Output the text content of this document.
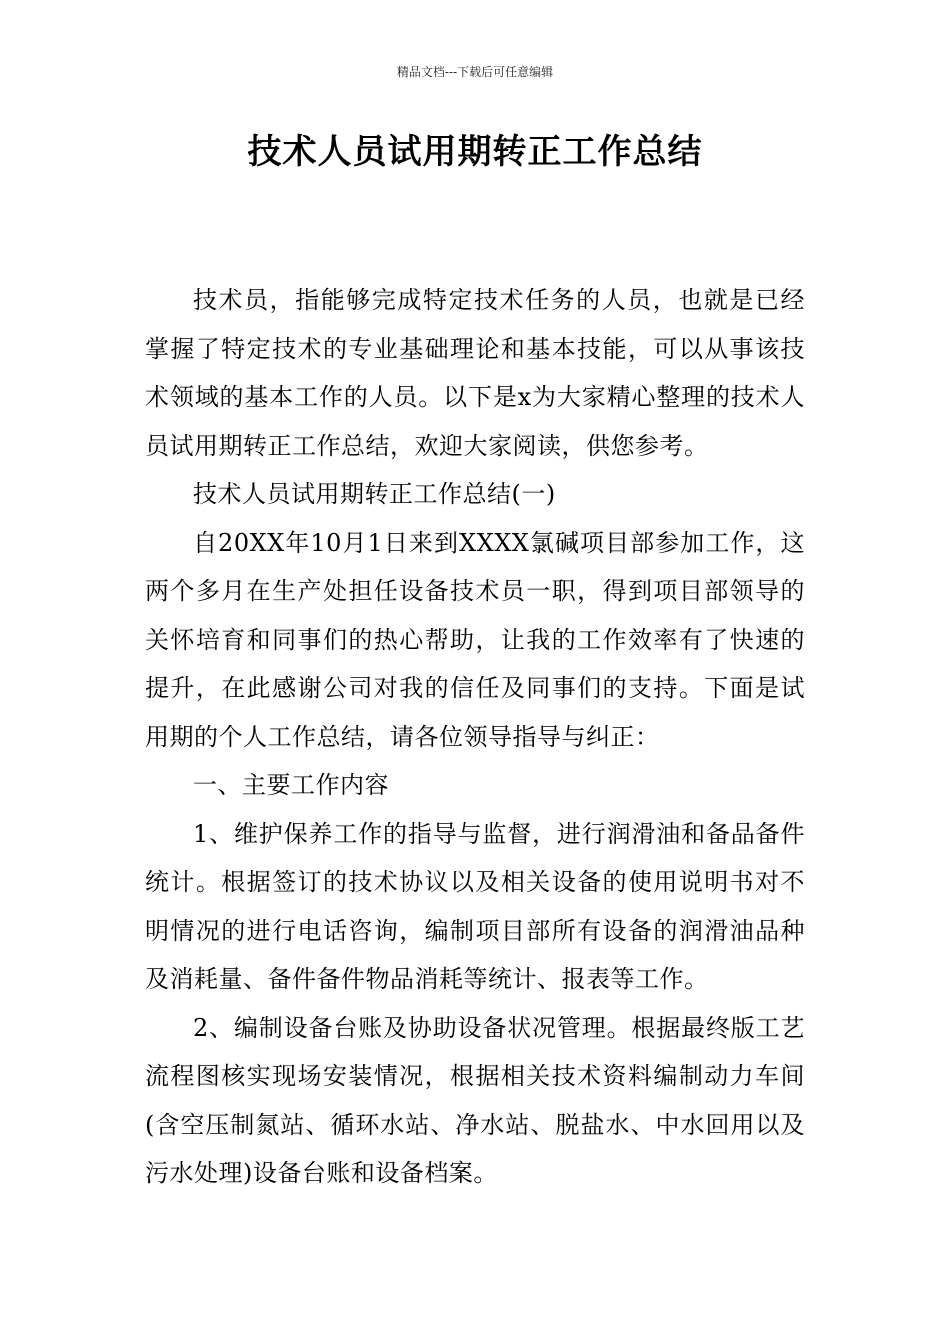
精品文档---下载后可任意编辑
技术人员试用期转正工作总结

技术员，指能够完成特定技术任务的人员，也就是已经掌握了特定技术的专业基础理论和基本技能，可以从事该技术领域的基本工作的人员。以下是x为大家精心整理的技术人员试用期转正工作总结，欢迎大家阅读，供您参考。

技术人员试用期转正工作总结(一)

自20XX年10月1日来到XXXX氯碱项目部参加工作，这两个多月在生产处担任设备技术员一职，得到项目部领导的关怀培育和同事们的热心帮助，让我的工作效率有了快速的提升，在此感谢公司对我的信任及同事们的支持。下面是试用期的个人工作总结，请各位领导指导与纠正：

一、主要工作内容

1、维护保养工作的指导与监督，进行润滑油和备品备件统计。根据签订的技术协议以及相关设备的使用说明书对不明情况的进行电话咨询，编制项目部所有设备的润滑油品种及消耗量、备件备件物品消耗等统计、报表等工作。

2、编制设备台账及协助设备状况管理。根据最终版工艺流程图核实现场安装情况，根据相关技术资料编制动力车间(含空压制氮站、循环水站、净水站、脱盐水、中水回用以及污水处理)设备台账和设备档案。
